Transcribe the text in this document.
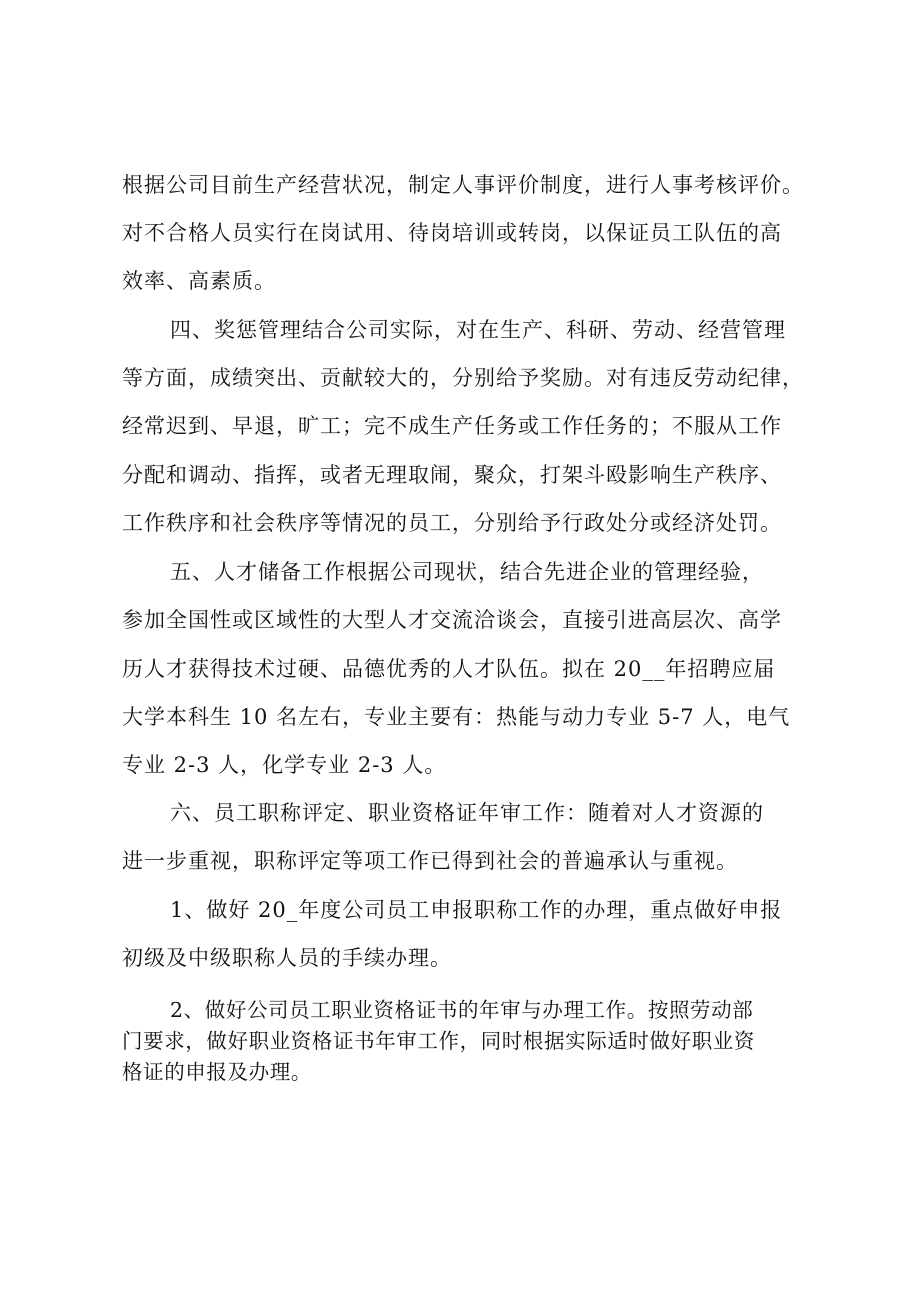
根据公司目前生产经营状况，制定人事评价制度，进行人事考核评价。

对不合格人员实行在岗试用、待岗培训或转岗，以保证员工队伍的高

效率、高素质。

四、奖惩管理结合公司实际，对在生产、科研、劳动、经营管理

等方面，成绩突出、贡献较大的，分别给予奖励。对有违反劳动纪律，

经常迟到、早退，旷工；完不成生产任务或工作任务的；不服从工作

分配和调动、指挥，或者无理取闹，聚众，打架斗殴影响生产秩序、

工作秩序和社会秩序等情况的员工，分别给予行政处分或经济处罚。

五、人才储备工作根据公司现状，结合先进企业的管理经验，

参加全国性或区域性的大型人才交流洽谈会，直接引进高层次、高学

历人才获得技术过硬、品德优秀的人才队伍。拟在 20__年招聘应届

大学本科生 10 名左右，专业主要有：热能与动力专业 5-7 人，电气

专业 2-3 人，化学专业 2-3 人。

六、员工职称评定、职业资格证年审工作：随着对人才资源的

进一步重视，职称评定等项工作已得到社会的普遍承认与重视。

1、做好 20_年度公司员工申报职称工作的办理，重点做好申报

初级及中级职称人员的手续办理。

2、做好公司员工职业资格证书的年审与办理工作。按照劳动部

门要求，做好职业资格证书年审工作，同时根据实际适时做好职业资

格证的申报及办理。
